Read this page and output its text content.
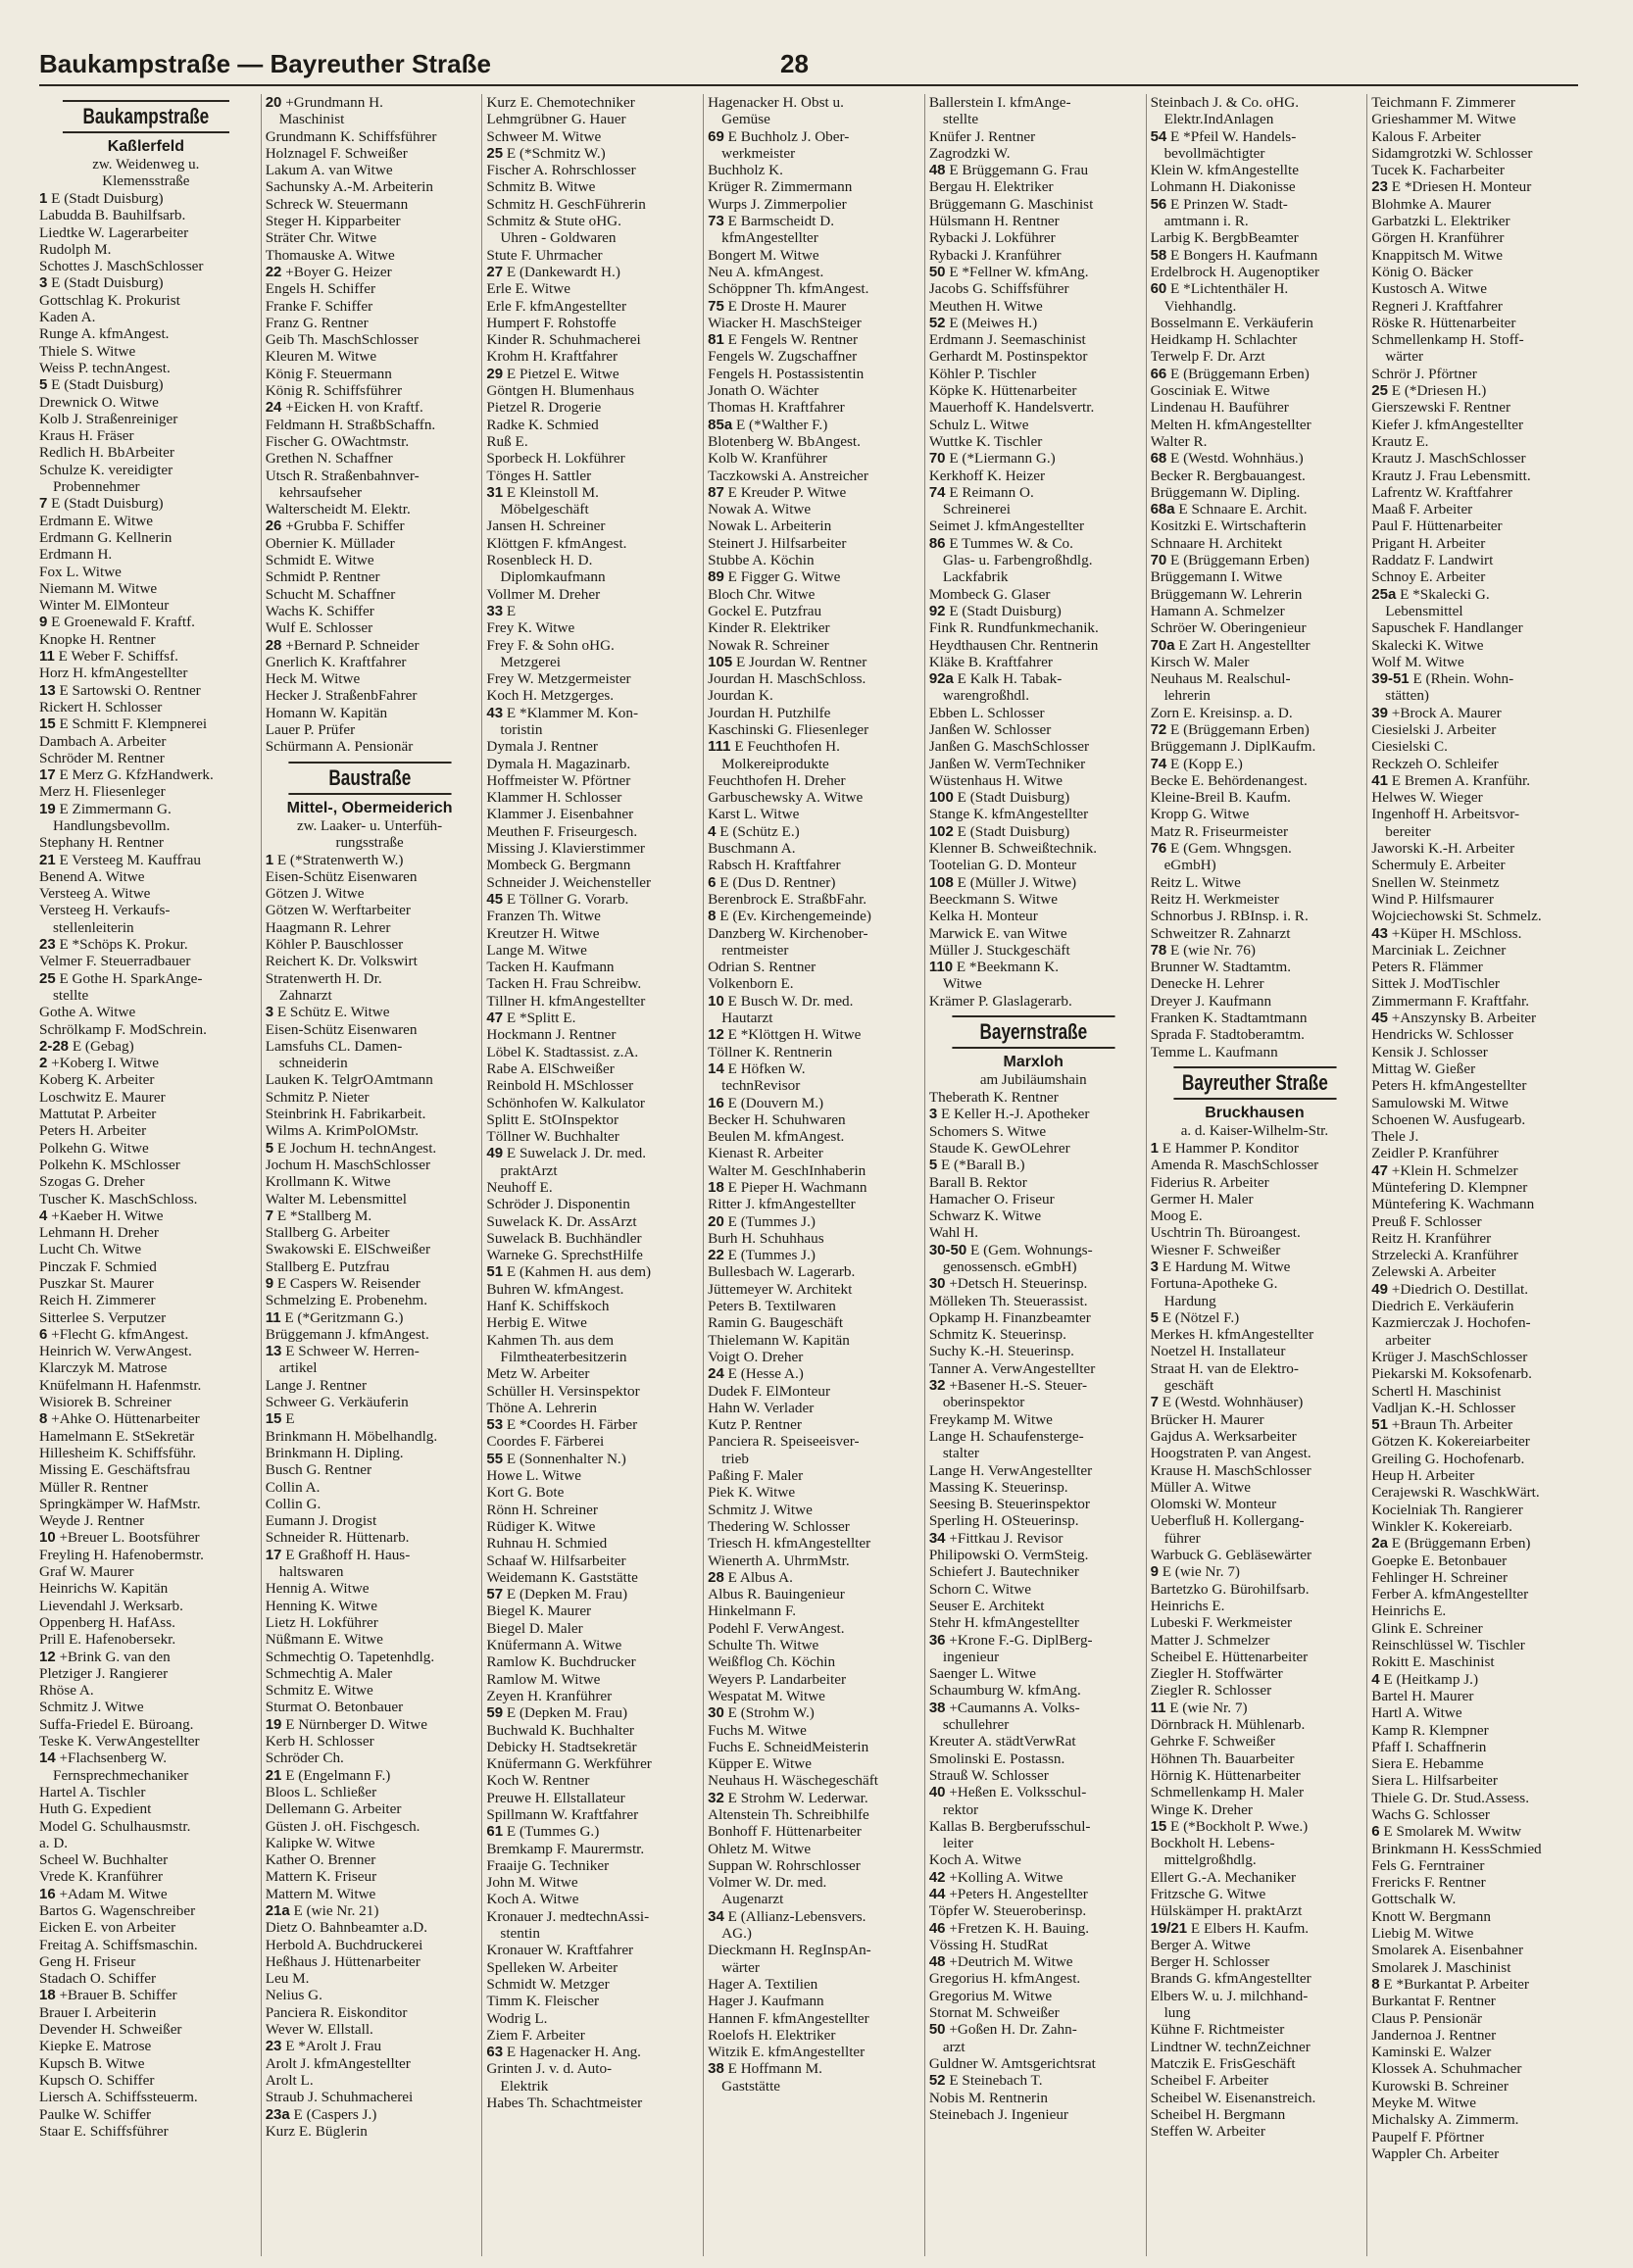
Baukampstraße — Bayreuther Straße	28
Baukampstraße
Kaßlerfeld
zw. Weidenweg u.
Klemensstraße
1 E (Stadt Duisburg)
Labudda B. Bauhilfsarb.
Liedtke W. Lagerarbeiter
Rudolph M.
Schottes J. MaschSchlosser
3 E (Stadt Duisburg)
Gottschlag K. Prokurist
Kaden A.
Runge A. kfmAngest.
Thiele S. Witwe
Weiss P. technAngest.
5 E (Stadt Duisburg)
Drewnick O. Witwe
Kolb J. Straßenreiniger
Kraus H. Fräser
Redlich H. BbArbeiter
Schulze K. vereidigter
Probennehmer
7 E (Stadt Duisburg)
Erdmann E. Witwe
Erdmann G. Kellnerin
Erdmann H.
Fox L. Witwe
Niemann M. Witwe
Winter M. ElMonteur
9 E Groenewald F. Kraftf.
Knopke H. Rentner
11 E Weber F. Schiffsf.
Horz H. kfmAngestellter
13 E Sartowski O. Rentner
Rickert H. Schlosser
15 E Schmitt F. Klempnerei
Dambach A. Arbeiter
Schröder M. Rentner
17 E Merz G. KfzHandwerk.
Merz H. Fliesenleger
19 E Zimmermann G.
Handlungsbevollm.
Stephany H. Rentner
21 E Versteeg M. Kauffrau
Benend A. Witwe
Versteeg A. Witwe
Versteeg H. Verkaufs-
stellenleiterin
23 E *Schöps K. Prokur.
Velmer F. Steuerradbauer
25 E Gothe H. SparkAnge-
stellte
Gothe A. Witwe
Schrölkamp F. ModSchrein.
2-28 E (Gebag)
2 +Koberg I. Witwe
Koberg K. Arbeiter
Loschwitz E. Maurer
Mattutat P. Arbeiter
Peters H. Arbeiter
Polkehn G. Witwe
Polkehn K. MSchlosser
Szogas G. Dreher
Tuscher K. MaschSchloss.
4 +Kaeber H. Witwe
Lehmann H. Dreher
Lucht Ch. Witwe
Pinczak F. Schmied
Puszkar St. Maurer
Reich H. Zimmerer
Sitterlee S. Verputzer
6 +Flecht G. kfmAngest.
Heinrich W. VerwAngest.
Klarczyk M. Matrose
Knüfelmann H. Hafenmstr.
Wisiorek B. Schreiner
8 +Ahke O. Hüttenarbeiter
Hamelmann E. StSekretär
Hillesheim K. Schiffsführ.
Missing E. Geschäftsfrau
Müller R. Rentner
Springkämper W. HafMstr.
Weyde J. Rentner
10 +Breuer L. Bootsführer
Freyling H. Hafenobermstr.
Graf W. Maurer
Heinrichs W. Kapitän
Lievendahl J. Werksarb.
Oppenberg H. HafAss.
Prill E. Hafenobersekr.
12 +Brink G. van den
Pletziger J. Rangierer
Rhöse A.
Schmitz J. Witwe
Suffa-Friedel E. Büroang.
Teske K. VerwAngestellter
14 +Flachsenberg W.
Fernsprechmechaniker
Hartel A. Tischler
Huth G. Expedient
Model G. Schulhausmstr.
a. D.
Scheel W. Buchhalter
Vrede K. Kranführer
16 +Adam M. Witwe
Bartos G. Wagenschreiber
Eicken E. von Arbeiter
Freitag A. Schiffsmaschin.
Geng H. Friseur
Stadach O. Schiffer
18 +Brauer B. Schiffer
Brauer I. Arbeiterin
Devender H. Schweißer
Kiepke E. Matrose
Kupsch B. Witwe
Kupsch O. Schiffer
Liersch A. Schiffssteuerm.
Paulke W. Schiffer
Staar E. Schiffsführer
20 +Grundmann H.
Maschinist
Grundmann K. Schiffsführer
Holznagel F. Schweißer
Lakum A. van Witwe
Sachunsky A.-M. Arbeiterin
Schreck W. Steuermann
Steger H. Kipparbeiter
Sträter Chr. Witwe
Thomauske A. Witwe
22 +Boyer G. Heizer
Engels H. Schiffer
Franke F. Schiffer
Franz G. Rentner
Geib Th. MaschSchlosser
Kleuren M. Witwe
König F. Steuermann
König R. Schiffsführer
24 +Eicken H. von Kraftf.
Feldmann H. StraßbSchaffn.
Fischer G. OWachtmstr.
Grethen N. Schaffner
Utsch R. Straßenbahnver-
kehrsaufseher
Walterscheidt M. Elektr.
26 +Grubba F. Schiffer
Obernier K. Müllader
Schmidt E. Witwe
Schmidt P. Rentner
Schucht M. Schaffner
Wachs K. Schiffer
Wulf E. Schlosser
28 +Bernard P. Schneider
Gnerlich K. Kraftfahrer
Heck M. Witwe
Hecker J. StraßenbFahrer
Homann W. Kapitän
Lauer P. Prüfer
Schürmann A. Pensionär
Baustraße
Mittel-, Obermeiderich
zw. Laaker- u. Unterfüh-
rungsstraße
1 E (*Stratenwerth W.)
Eisen-Schütz Eisenwaren
Götzen J. Witwe
Götzen W. Werftarbeiter
Haagmann R. Lehrer
Köhler P. Bauschlosser
Reichert K. Dr. Volkswirt
Stratenwerth H. Dr.
Zahnarzt
3 E Schütz E. Witwe
Eisen-Schütz Eisenwaren
Lamsfuhs CL. Damen-
schneiderin
Lauken K. TelgrOAmtmann
Schmitz P. Nieter
Steinbrink H. Fabrikarbeit.
Wilms A. KrimPolOMstr.
5 E Jochum H. technAngest.
Jochum H. MaschSchlosser
Krollmann K. Witwe
Walter M. Lebensmittel
7 E *Stallberg M.
Stallberg G. Arbeiter
Swakowski E. ElSchweißer
Stallberg E. Putzfrau
9 E Caspers W. Reisender
Schmelzing E. Probenehm.
11 E (*Geritzmann G.)
Brüggemann J. kfmAngest.
13 E Schweer W. Herren-
artikel
Lange J. Rentner
Schweer G. Verkäuferin
15 E
Brinkmann H. Möbelhandlg.
Brinkmann H. Dipling.
Busch G. Rentner
Collin A.
Collin G.
Eumann J. Drogist
Schneider R. Hüttenarb.
17 E Graßhoff H. Haus-
haltswaren
Hennig A. Witwe
Henning K. Witwe
Lietz H. Lokführer
Nüßmann E. Witwe
Schmechtig O. Tapetenhdlg.
Schmechtig A. Maler
Schmitz E. Witwe
Sturmat O. Betonbauer
19 E Nürnberger D. Witwe
Kerb H. Schlosser
Schröder Ch.
21 E (Engelmann F.)
Bloos L. Schließer
Dellemann G. Arbeiter
Güsten J. oH. Fischgesch.
Kalipke W. Witwe
Kather O. Brenner
Mattern K. Friseur
Mattern M. Witwe
21a E (wie Nr. 21)
Dietz O. Bahnbeamter a.D.
Herbold A. Buchdruckerei
Heßhaus J. Hüttenarbeiter
Leu M.
Nelius G.
Panciera R. Eiskonditor
Wever W. Ellstall.
23 E *Arolt J. Frau
Arolt J. kfmAngestellter
Arolt L.
Straub J. Schuhmacherei
23a E (Caspers J.)
Kurz E. Büglerin
Kurz E. Chemotechniker
Lehmgrübner G. Hauer
Schweer M. Witwe
25 E (*Schmitz W.)
Fischer A. Rohrschlosser
Schmitz B. Witwe
Schmitz H. GeschFührerin
Schmitz & Stute oHG.
Uhren - Goldwaren
Stute F. Uhrmacher
27 E (Dankewardt H.)
Erle E. Witwe
Erle F. kfmAngestellter
Humpert F. Rohstoffe
Kinder R. Schuhmacherei
Krohm H. Kraftfahrer
29 E Pietzel E. Witwe
Göntgen H. Blumenhaus
Pietzel R. Drogerie
Radke K. Schmied
Ruß E.
Sporbeck H. Lokführer
Tönges H. Sattler
31 E Kleinstoll M.
Möbelgeschäft
Jansen H. Schreiner
Klöttgen F. kfmAngest.
Rosenbleck H. D.
Diplomkaufmann
Vollmer M. Dreher
33 E
Frey K. Witwe
Frey F. & Sohn oHG.
Metzgerei
Frey W. Metzgermeister
Koch H. Metzgerges.
43 E *Klammer M. Kon-
toristin
Dymala J. Rentner
Dymala H. Magazinarb.
Hoffmeister W. Pförtner
Klammer H. Schlosser
Klammer J. Eisenbahner
Meuthen F. Friseurgesch.
Missing J. Klavierstimmer
Mombeck G. Bergmann
Schneider J. Weichensteller
45 E Töllner G. Vorarb.
Franzen Th. Witwe
Kreutzer H. Witwe
Lange M. Witwe
Tacken H. Kaufmann
Tacken H. Frau Schreibw.
Tillner H. kfmAngestellter
47 E *Splitt E.
Hockmann J. Rentner
Löbel K. Stadtassist. z.A.
Rabe A. ElSchweißer
Reinbold H. MSchlosser
Schönhofen W. Kalkulator
Splitt E. StOInspektor
Töllner W. Buchhalter
49 E Suwelack J. Dr. med.
praktArzt
Neuhoff E.
Schröder J. Disponentin
Suwelack K. Dr. AssArzt
Suwelack B. Buchhändler
Warneke G. SprechstHilfe
51 E (Kahmen H. aus dem)
Buhren W. kfmAngest.
Hanf K. Schiffskoch
Herbig E. Witwe
Kahmen Th. aus dem
Filmtheaterbesitzerin
Metz W. Arbeiter
Schüller H. Versinspektor
Thöne A. Lehrerin
53 E *Coordes H. Färber
Coordes F. Färberei
55 E (Sonnenhalter N.)
Howe L. Witwe
Kort G. Bote
Rönn H. Schreiner
Rüdiger K. Witwe
Ruhnau H. Schmied
Schaaf W. Hilfsarbeiter
Weidemann K. Gaststätte
57 E (Depken M. Frau)
Biegel K. Maurer
Biegel D. Maler
Knüfermann A. Witwe
Ramlow K. Buchdrucker
Ramlow M. Witwe
Zeyen H. Kranführer
59 E (Depken M. Frau)
Buchwald K. Buchhalter
Debicky H. Stadtsekretär
Knüfermann G. Werkführer
Koch W. Rentner
Preuwe H. Ellstallateur
Spillmann W. Kraftfahrer
61 E (Tummes G.)
Bremkamp F. Maurermstr.
Fraaije G. Techniker
John M. Witwe
Koch A. Witwe
Kronauer J. medtechnAssi-
stentin
Kronauer W. Kraftfahrer
Spelleken W. Arbeiter
Schmidt W. Metzger
Timm K. Fleischer
Wodrig L.
Ziem F. Arbeiter
63 E Hagenacker H. Ang.
Grinten J. v. d. Auto-
Elektrik
Habes Th. Schachtmeister
Hagenacker H. Obst u.
Gemüse
69 E Buchholz J. Ober-
werkmeister
Buchholz K.
Krüger R. Zimmermann
Wurps J. Zimmerpolier
73 E Barmscheidt D.
kfmAngestellter
Bongert M. Witwe
Neu A. kfmAngest.
Schöppner Th. kfmAngest.
75 E Droste H. Maurer
Wiacker H. MaschSteiger
81 E Fengels W. Rentner
Fengels W. Zugschaffner
Fengels H. Postassistentin
Jonath O. Wächter
Thomas H. Kraftfahrer
85a E (*Walther F.)
Blotenberg W. BbAngest.
Kolb W. Kranführer
Taczkowski A. Anstreicher
87 E Kreuder P. Witwe
Nowak A. Witwe
Nowak L. Arbeiterin
Steinert J. Hilfsarbeiter
Stubbe A. Köchin
89 E Figger G. Witwe
Bloch Chr. Witwe
Gockel E. Putzfrau
Kinder R. Elektriker
Nowak R. Schreiner
105 E Jourdan W. Rentner
Jourdan H. MaschSchloss.
Jourdan K.
Jourdan H. Putzhilfe
Kaschinski G. Fliesenleger
111 E Feuchthofen H.
Molkereiprodukte
Feuchthofen H. Dreher
Garbuschewsky A. Witwe
Karst L. Witwe
4 E (Schütz E.)
Buschmann A.
Rabsch H. Kraftfahrer
6 E (Dus D. Rentner)
Berenbrock E. StraßbFahr.
8 E (Ev. Kirchengemeinde)
Danzberg W. Kirchenober-
rentmeister
Odrian S. Rentner
Volkenborn E.
10 E Busch W. Dr. med.
Hautarzt
12 E *Klöttgen H. Witwe
Töllner K. Rentnerin
14 E Höfken W.
technRevisor
16 E (Douvern M.)
Becker H. Schuhwaren
Beulen M. kfmAngest.
Kienast R. Arbeiter
Walter M. GeschInhaberin
18 E Pieper H. Wachmann
Ritter J. kfmAngestellter
20 E (Tummes J.)
Burh H. Schuhhaus
22 E (Tummes J.)
Bullesbach W. Lagerarb.
Jüttemeyer W. Architekt
Peters B. Textilwaren
Ramin G. Baugeschäft
Thielemann W. Kapitän
Voigt O. Dreher
24 E (Hesse A.)
Dudek F. ElMonteur
Hahn W. Verlader
Kutz P. Rentner
Panciera R. Speiseeisver-
trieb
Paßing F. Maler
Piek K. Witwe
Schmitz J. Witwe
Thedering W. Schlosser
Triesch H. kfmAngestellter
Wienerth A. UhrmMstr.
28 E Albus A.
Albus R. Bauingenieur
Hinkelmann F.
Podehl F. VerwAngest.
Schulte Th. Witwe
Weißflog Ch. Köchin
Weyers P. Landarbeiter
Wespatat M. Witwe
30 E (Strohm W.)
Fuchs M. Witwe
Fuchs E. SchneidMeisterin
Küpper E. Witwe
Neuhaus H. Wäschegeschäft
32 E Strohm W. Lederwar.
Altenstein Th. Schreibhilfe
Bonhoff F. Hüttenarbeiter
Ohletz M. Witwe
Suppan W. Rohrschlosser
Volmer W. Dr. med.
Augenarzt
34 E (Allianz-Lebensvers.
AG.)
Dieckmann H. RegInspAn-
wärter
Hager A. Textilien
Hager J. Kaufmann
Hannen F. kfmAngestellter
Roelofs H. Elektriker
Witzik E. kfmAngestellter
38 E Hoffmann M.
Gaststätte
Ballerstein I. kfmAnge-
stellte
Knüfer J. Rentner
Zagrodzki W.
48 E Brüggemann G. Frau
Bergau H. Elektriker
Brüggemann G. Maschinist
Hülsmann H. Rentner
Rybacki J. Lokführer
Rybacki J. Kranführer
50 E *Fellner W. kfmAng.
Jacobs G. Schiffsführer
Meuthen H. Witwe
52 E (Meiwes H.)
Erdmann J. Seemaschinist
Gerhardt M. Postinspektor
Köhler P. Tischler
Köpke K. Hüttenarbeiter
Mauerhoff K. Handelsvertr.
Schulz L. Witwe
Wuttke K. Tischler
70 E (*Liermann G.)
Kerkhoff K. Heizer
74 E Reimann O.
Schreinerei
Seimet J. kfmAngestellter
86 E Tummes W. & Co.
Glas- u. Farbengroßhdlg.
Lackfabrik
Mombeck G. Glaser
92 E (Stadt Duisburg)
Fink R. Rundfunkmechanik.
Heydthausen Chr. Rentnerin
Kläke B. Kraftfahrer
92a E Kalk H. Tabak-
warengroßhdl.
Ebben L. Schlosser
Janßen W. Schlosser
Janßen G. MaschSchlosser
Janßen W. VermTechniker
Wüstenhaus H. Witwe
100 E (Stadt Duisburg)
Stange K. kfmAngestellter
102 E (Stadt Duisburg)
Klenner B. Schweißtechnik.
Tootelian G. D. Monteur
108 E (Müller J. Witwe)
Beeckmann S. Witwe
Kelka H. Monteur
Marwick E. van Witwe
Müller J. Stuckgeschäft
110 E *Beekmann K.
Witwe
Krämer P. Glaslagerarb.
Bayernstraße
Marxloh
am Jubiläumshain
Theberath K. Rentner
3 E Keller H.-J. Apotheker
Schomers S. Witwe
Staude K. GewOLehrer
5 E (*Barall B.)
Barall B. Rektor
Hamacher O. Friseur
Schwarz K. Witwe
Wahl H.
30-50 E (Gem. Wohnungs-
genossensch. eGmbH)
30 +Detsch H. Steuerinsp.
Mölleken Th. Steuerassist.
Opkamp H. Finanzbeamter
Schmitz K. Steuerinsp.
Suchy K.-H. Steuerinsp.
Tanner A. VerwAngestellter
32 +Basener H.-S. Steuer-
oberinspektor
Freykamp M. Witwe
Lange H. Schaufensterge-
stalter
Lange H. VerwAngestellter
Massing K. Steuerinsp.
Seesing B. Steuerinspektor
Sperling H. OSteuerinsp.
34 +Fittkau J. Revisor
Philipowski O. VermSteig.
Schiefert J. Bautechniker
Schorn C. Witwe
Seuser E. Architekt
Stehr H. kfmAngestellter
36 +Krone F.-G. DiplBerg-
ingenieur
Saenger L. Witwe
Schaumburg W. kfmAng.
38 +Caumanns A. Volks-
schullehrer
Kreuter A. städtVerwRat
Smolinski E. Postassn.
Strauß W. Schlosser
40 +Heßen E. Volksschul-
rektor
Kallas B. Bergberufsschul-
leiter
Koch A. Witwe
42 +Kolling A. Witwe
44 +Peters H. Angestellter
Töpfer W. Steueroberinsp.
46 +Fretzen K. H. Bauing.
Vössing H. StudRat
48 +Deutrich M. Witwe
Gregorius H. kfmAngest.
Gregorius M. Witwe
Stornat M. Schweißer
50 +Goßen H. Dr. Zahn-
arzt
Guldner W. Amtsgerichtsrat
52 E Steinebach T.
Nobis M. Rentnerin
Steinebach J. Ingenieur
Steinbach J. & Co. oHG.
Elektr.IndAnlagen
54 E *Pfeil W. Handels-
bevollmächtigter
Klein W. kfmAngestellte
Lohmann H. Diakonisse
56 E Prinzen W. Stadt-
amtmann i. R.
Larbig K. BergbBeamter
58 E Bongers H. Kaufmann
Erdelbrock H. Augenoptiker
60 E *Lichtenthäler H.
Viehhandlg.
Bosselmann E. Verkäuferin
Heidkamp H. Schlachter
Terwelp F. Dr. Arzt
66 E (Brüggemann Erben)
Gosciniak E. Witwe
Lindenau H. Bauführer
Melten H. kfmAngestellter
Walter R.
68 E (Westd. Wohnhäus.)
Becker R. Bergbauangest.
Brüggemann W. Dipling.
68a E Schnaare E. Archit.
Kositzki E. Wirtschafterin
Schnaare H. Architekt
70 E (Brüggemann Erben)
Brüggemann I. Witwe
Brüggemann W. Lehrerin
Hamann A. Schmelzer
Schröer W. Oberingenieur
70a E Zart H. Angestellter
Kirsch W. Maler
Neuhaus M. Realschul-
lehrerin
Zorn E. Kreisinsp. a. D.
72 E (Brüggemann Erben)
Brüggemann J. DiplKaufm.
74 E (Kopp E.)
Becke E. Behördenangest.
Kleine-Breil B. Kaufm.
Kropp G. Witwe
Matz R. Friseurmeister
76 E (Gem. Whngsgen.
eGmbH)
Reitz L. Witwe
Reitz H. Werkmeister
Schnorbus J. RBInsp. i. R.
Schweitzer R. Zahnarzt
78 E (wie Nr. 76)
Brunner W. Stadtamtm.
Denecke H. Lehrer
Dreyer J. Kaufmann
Franken K. Stadtamtmann
Sprada F. Stadtoberamtm.
Temme L. Kaufmann
Bayreuther Straße
Bruckhausen
a. d. Kaiser-Wilhelm-Str.
1 E Hammer P. Konditor
Amenda R. MaschSchlosser
Fiderius R. Arbeiter
Germer H. Maler
Moog E.
Uschtrin Th. Büroangest.
Wiesner F. Schweißer
3 E Hardung M. Witwe
Fortuna-Apotheke G.
Hardung
5 E (Nötzel F.)
Merkes H. kfmAngestellter
Noetzel H. Installateur
Straat H. van de Elektro-
geschäft
7 E (Westd. Wohnhäuser)
Brücker H. Maurer
Gajdus A. Werksarbeiter
Hoogstraten P. van Angest.
Krause H. MaschSchlosser
Müller A. Witwe
Olomski W. Monteur
Ueberfluß H. Kollergang-
führer
Warbuck G. Gebläsewärter
9 E (wie Nr. 7)
Bartetzko G. Bürohilfsarb.
Heinrichs E.
Lubeski F. Werkmeister
Matter J. Schmelzer
Scheibel E. Hüttenarbeiter
Ziegler H. Stoffwärter
Ziegler R. Schlosser
11 E (wie Nr. 7)
Dörnbrack H. Mühlenarb.
Gehrke F. Schweißer
Höhnen Th. Bauarbeiter
Hörnig K. Hüttenarbeiter
Schmellenkamp H. Maler
Winge K. Dreher
15 E (*Bockholt P. Wwe.)
Bockholt H. Lebens-
mittelgroßhdlg.
Ellert G.-A. Mechaniker
Fritzsche G. Witwe
Hülskämper H. praktArzt
19/21 E Elbers H. Kaufm.
Berger A. Witwe
Berger H. Schlosser
Brands G. kfmAngestellter
Elbers W. u. J. milchhand-
lung
Kühne F. Richtmeister
Lindtner W. technZeichner
Matczik E. FrisGeschäft
Scheibel F. Arbeiter
Scheibel W. Eisenanstreich.
Scheibel H. Bergmann
Steffen W. Arbeiter
Teichmann F. Zimmerer
Grieshammer M. Witwe
Kalous F. Arbeiter
Sidamgrotzki W. Schlosser
Tucek K. Facharbeiter
23 E *Driesen H. Monteur
Blohmke A. Maurer
Garbatzki L. Elektriker
Görgen H. Kranführer
Knappitsch M. Witwe
König O. Bäcker
Kustosch A. Witwe
Regneri J. Kraftfahrer
Röske R. Hüttenarbeiter
Schmellenkamp H. Stoff-
wärter
Schrör J. Pförtner
25 E (*Driesen H.)
Gierszewski F. Rentner
Kiefer J. kfmAngestellter
Krautz E.
Krautz J. MaschSchlosser
Krautz J. Frau Lebensmitt.
Lafrentz W. Kraftfahrer
Maaß F. Arbeiter
Paul F. Hüttenarbeiter
Prigant H. Arbeiter
Raddatz F. Landwirt
Schnoy E. Arbeiter
25a E *Skalecki G.
Lebensmittel
Sapuschek F. Handlanger
Skalecki K. Witwe
Wolf M. Witwe
39-51 E (Rhein. Wohn-
stätten)
39 +Brock A. Maurer
Ciesielski J. Arbeiter
Ciesielski C.
Reckzeh O. Schleifer
41 E Bremen A. Kranführ.
Helwes W. Wieger
Ingenhoff H. Arbeitsvor-
bereiter
Jaworski K.-H. Arbeiter
Schermuly E. Arbeiter
Snellen W. Steinmetz
Wind P. Hilfsmaurer
Wojciechowski St. Schmelz.
43 +Küper H. MSchloss.
Marciniak L. Zeichner
Peters R. Flämmer
Sittek J. ModTischler
Zimmermann F. Kraftfahr.
45 +Anszynsky B. Arbeiter
Hendricks W. Schlosser
Kensik J. Schlosser
Mittag W. Gießer
Peters H. kfmAngestellter
Samulowski M. Witwe
Schoenen W. Ausfugearb.
Thele J.
Zeidler P. Kranführer
47 +Klein H. Schmelzer
Müntefering D. Klempner
Müntefering K. Wachmann
Preuß F. Schlosser
Reitz H. Kranführer
Strzelecki A. Kranführer
Zelewski A. Arbeiter
49 +Diedrich O. Destillat.
Diedrich E. Verkäuferin
Kazmierczak J. Hochofen-
arbeiter
Krüger J. MaschSchlosser
Piekarski M. Koksofenarb.
Schertl H. Maschinist
Vadljan K.-H. Schlosser
51 +Braun Th. Arbeiter
Götzen K. Kokereiarbeiter
Greiling G. Hochofenarb.
Heup H. Arbeiter
Cerajewski R. WaschkWärt.
Kocielniak Th. Rangierer
Winkler K. Kokereiarb.
2a E (Brüggemann Erben)
Goepke E. Betonbauer
Fehlinger H. Schreiner
Ferber A. kfmAngestellter
Heinrichs E.
Glink E. Schreiner
Reinschlüssel W. Tischler
Rokitt E. Maschinist
4 E (Heitkamp J.)
Bartel H. Maurer
Hartl A. Witwe
Kamp R. Klempner
Pfaff I. Schaffnerin
Siera E. Hebamme
Siera L. Hilfsarbeiter
Thiele G. Dr. Stud.Assess.
Wachs G. Schlosser
6 E Smolarek M. Wwitw
Brinkmann H. KessSchmied
Fels G. Ferntrainer
Frericks F. Rentner
Gottschalk W.
Knott W. Bergmann
Liebig M. Witwe
Smolarek A. Eisenbahner
Smolarek J. Maschinist
8 E *Burkantat P. Arbeiter
Burkantat F. Rentner
Claus P. Pensionär
Jandernoa J. Rentner
Kaminski E. Walzer
Klossek A. Schuhmacher
Kurowski B. Schreiner
Meyke M. Witwe
Michalsky A. Zimmerm.
Paupelf F. Pförtner
Wappler Ch. Arbeiter
